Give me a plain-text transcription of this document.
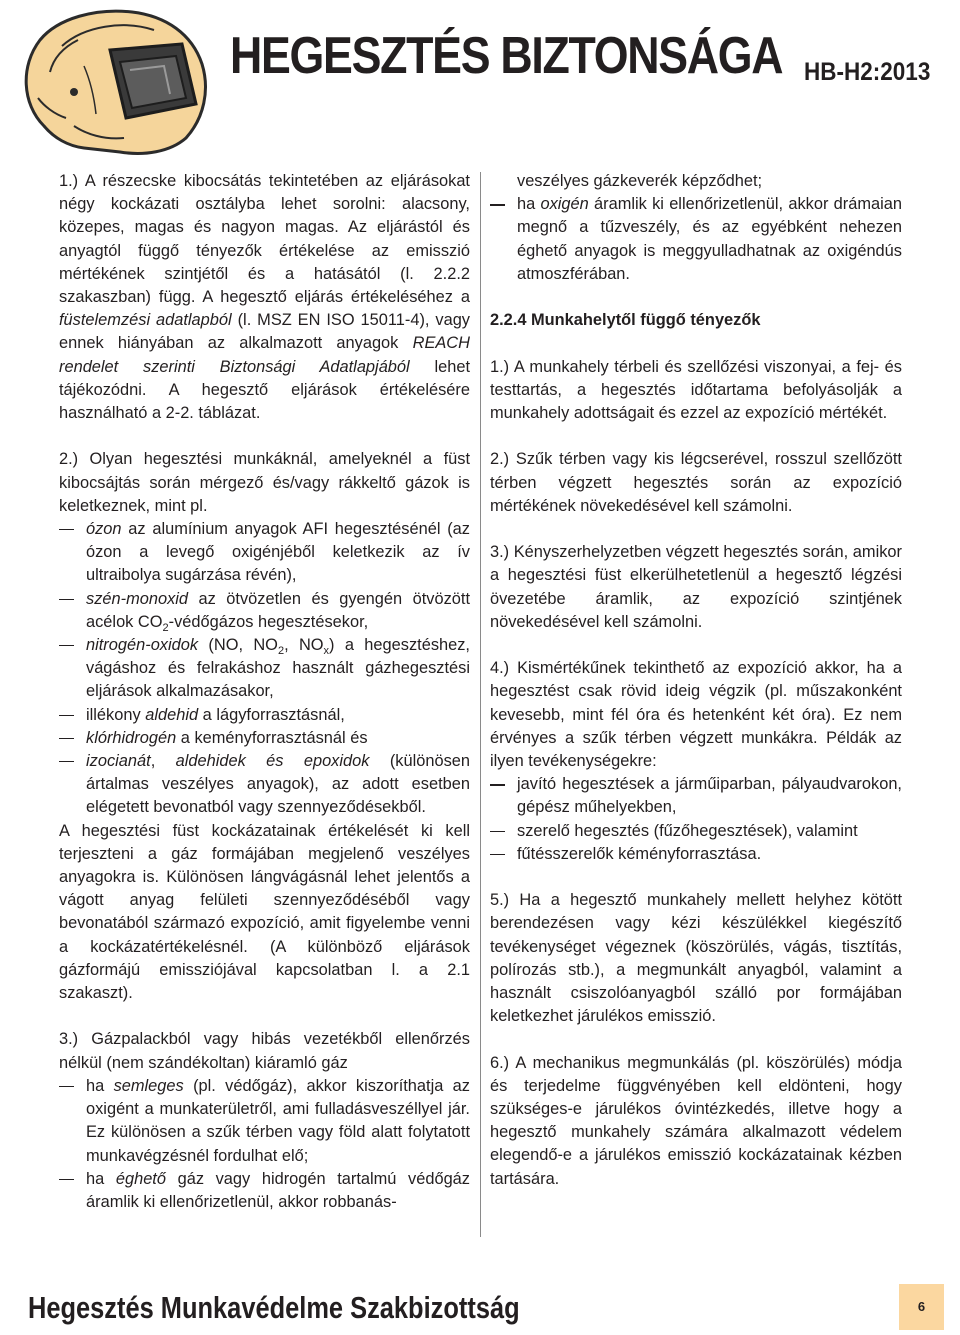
HEGESZTÉS BIZTONSÁGA HB-H2:2013

1.) A részecske kibocsátás tekintetében az eljárásokat négy kockázati osztályba lehet sorolni: alacsony, közepes, magas és nagyon magas. Az eljárástól és anyagtól függő tényezők értékelése az emisszió mértékének szintjétől és a hatásától (l. 2.2.2 szakaszban) függ. A hegesztő eljárás értékeléséhez a füstelemzési adatlapból (l. MSZ EN ISO 15011-4), vagy ennek hiányában az alkalmazott anyagok REACH rendelet szerinti Biztonsági Adatlapjából lehet tájékozódni. A hegesztő eljárások értékelésére használható a 2-2. táblázat.

2.) Olyan hegesztési munkáknál, amelyeknél a füst kibocsájtás során mérgező és/vagy rákkeltő gázok is keletkeznek, mint pl.

ózon az alumínium anyagok AFI hegesztésénél (az ózon a levegő oxigénjéből keletkezik az ív ultraibolya sugárzása révén),
szén-monoxid az ötvözetlen és gyengén ötvözött acélok $CO_2$-védőgázos hegesztésekor,
nitrogén-oxidok (NO, $NO_2$, $NO_x$) a hegesztéshez, vágáshoz és felrakáshoz használt gázhegesztési eljárások alkalmazásakor,
illékony aldehid a lágyforrasztásnál,
klórhidrogén a keményforrasztásnál és
izocianát, aldehidek és epoxidok (különösen ártalmas veszélyes anyagok), az adott esetben elégetett bevonatból vagy szennyeződésekből.

A hegesztési füst kockázatainak értékelését ki kell terjeszteni a gáz formájában megjelenő veszélyes anyagokra is. Különösen lángvágásnál lehet jelentős a vágott anyag felületi szennyeződéséből vagy bevonatából származó expozíció, amit figyelembe venni a kockázatértékelésnél. (A különböző eljárások gázformájú emissziójával kapcsolatban l. a 2.1 szakaszt).

3.) Gázpalackból vagy hibás vezetékből ellenőrzés nélkül (nem szándékoltan) kiáramló gáz

ha semleges (pl. védőgáz), akkor kiszoríthatja az oxigént a munkaterületről, ami fulladásveszéllyel jár. Ez különösen a szűk térben vagy föld alatt folytatott munkavégzésnél fordulhat elő;
ha éghető gáz vagy hidrogén tartalmú védőgáz áramlik ki ellenőrizetlenül, akkor robbanás-

veszélyes gázkeverék képződhet;

ha oxigén áramlik ki ellenőrizetlenül, akkor drámaian megnő a tűzveszély, és az egyébként nehezen éghető anyagok is meggyulladhatnak az oxigéndús atmoszférában.

2.2.4 Munkahelytől függő tényezők

1.) A munkahely térbeli és szellőzési viszonyai, a fej- és testtartás, a hegesztés időtartama befolyásolják a munkahely adottságait és ezzel az expozíció mértékét.

2.) Szűk térben vagy kis légcserével, rosszul szellőzött térben végzett hegesztés során az expozíció mértékének növekedésével kell számolni.

3.) Kényszerhelyzetben végzett hegesztés során, amikor a hegesztési füst elkerülhetetlenül a hegesztő légzési övezetébe áramlik, az expozíció szintjének növekedésével kell számolni.

4.) Kismértékűnek tekinthető az expozíció akkor, ha a hegesztést csak rövid ideig végzik (pl. műszakonként kevesebb, mint fél óra és hetenként két óra). Ez nem érvényes a szűk térben végzett munkákra. Példák az ilyen tevékenységekre:

javító hegesztések a járműiparban, pályaudvarokon, gépész műhelyekben,
szerelő hegesztés (fűzőhegesztések), valamint
fűtésszerelők kéményforrasztása.

5.) Ha a hegesztő munkahely mellett helyhez kötött berendezésen vagy kézi készülékkel kiegészítő tevékenységet végeznek (köszörülés, vágás, tisztítás, polírozás stb.), a megmunkált anyagból, valamint a használt csiszolóanyagból szálló por formájában keletkezhet járulékos emisszió.

6.) A mechanikus megmunkálás (pl. köszörülés) módja és terjedelme függvényében kell eldönteni, hogy szükséges-e járulékos óvintézkedés, illetve hogy a hegesztő munkahely számára alkalmazott védelem elegendő-e a járulékos emisszió kockázatainak kézben tartására.

Hegesztés Munkavédelme Szakbizottság	6
